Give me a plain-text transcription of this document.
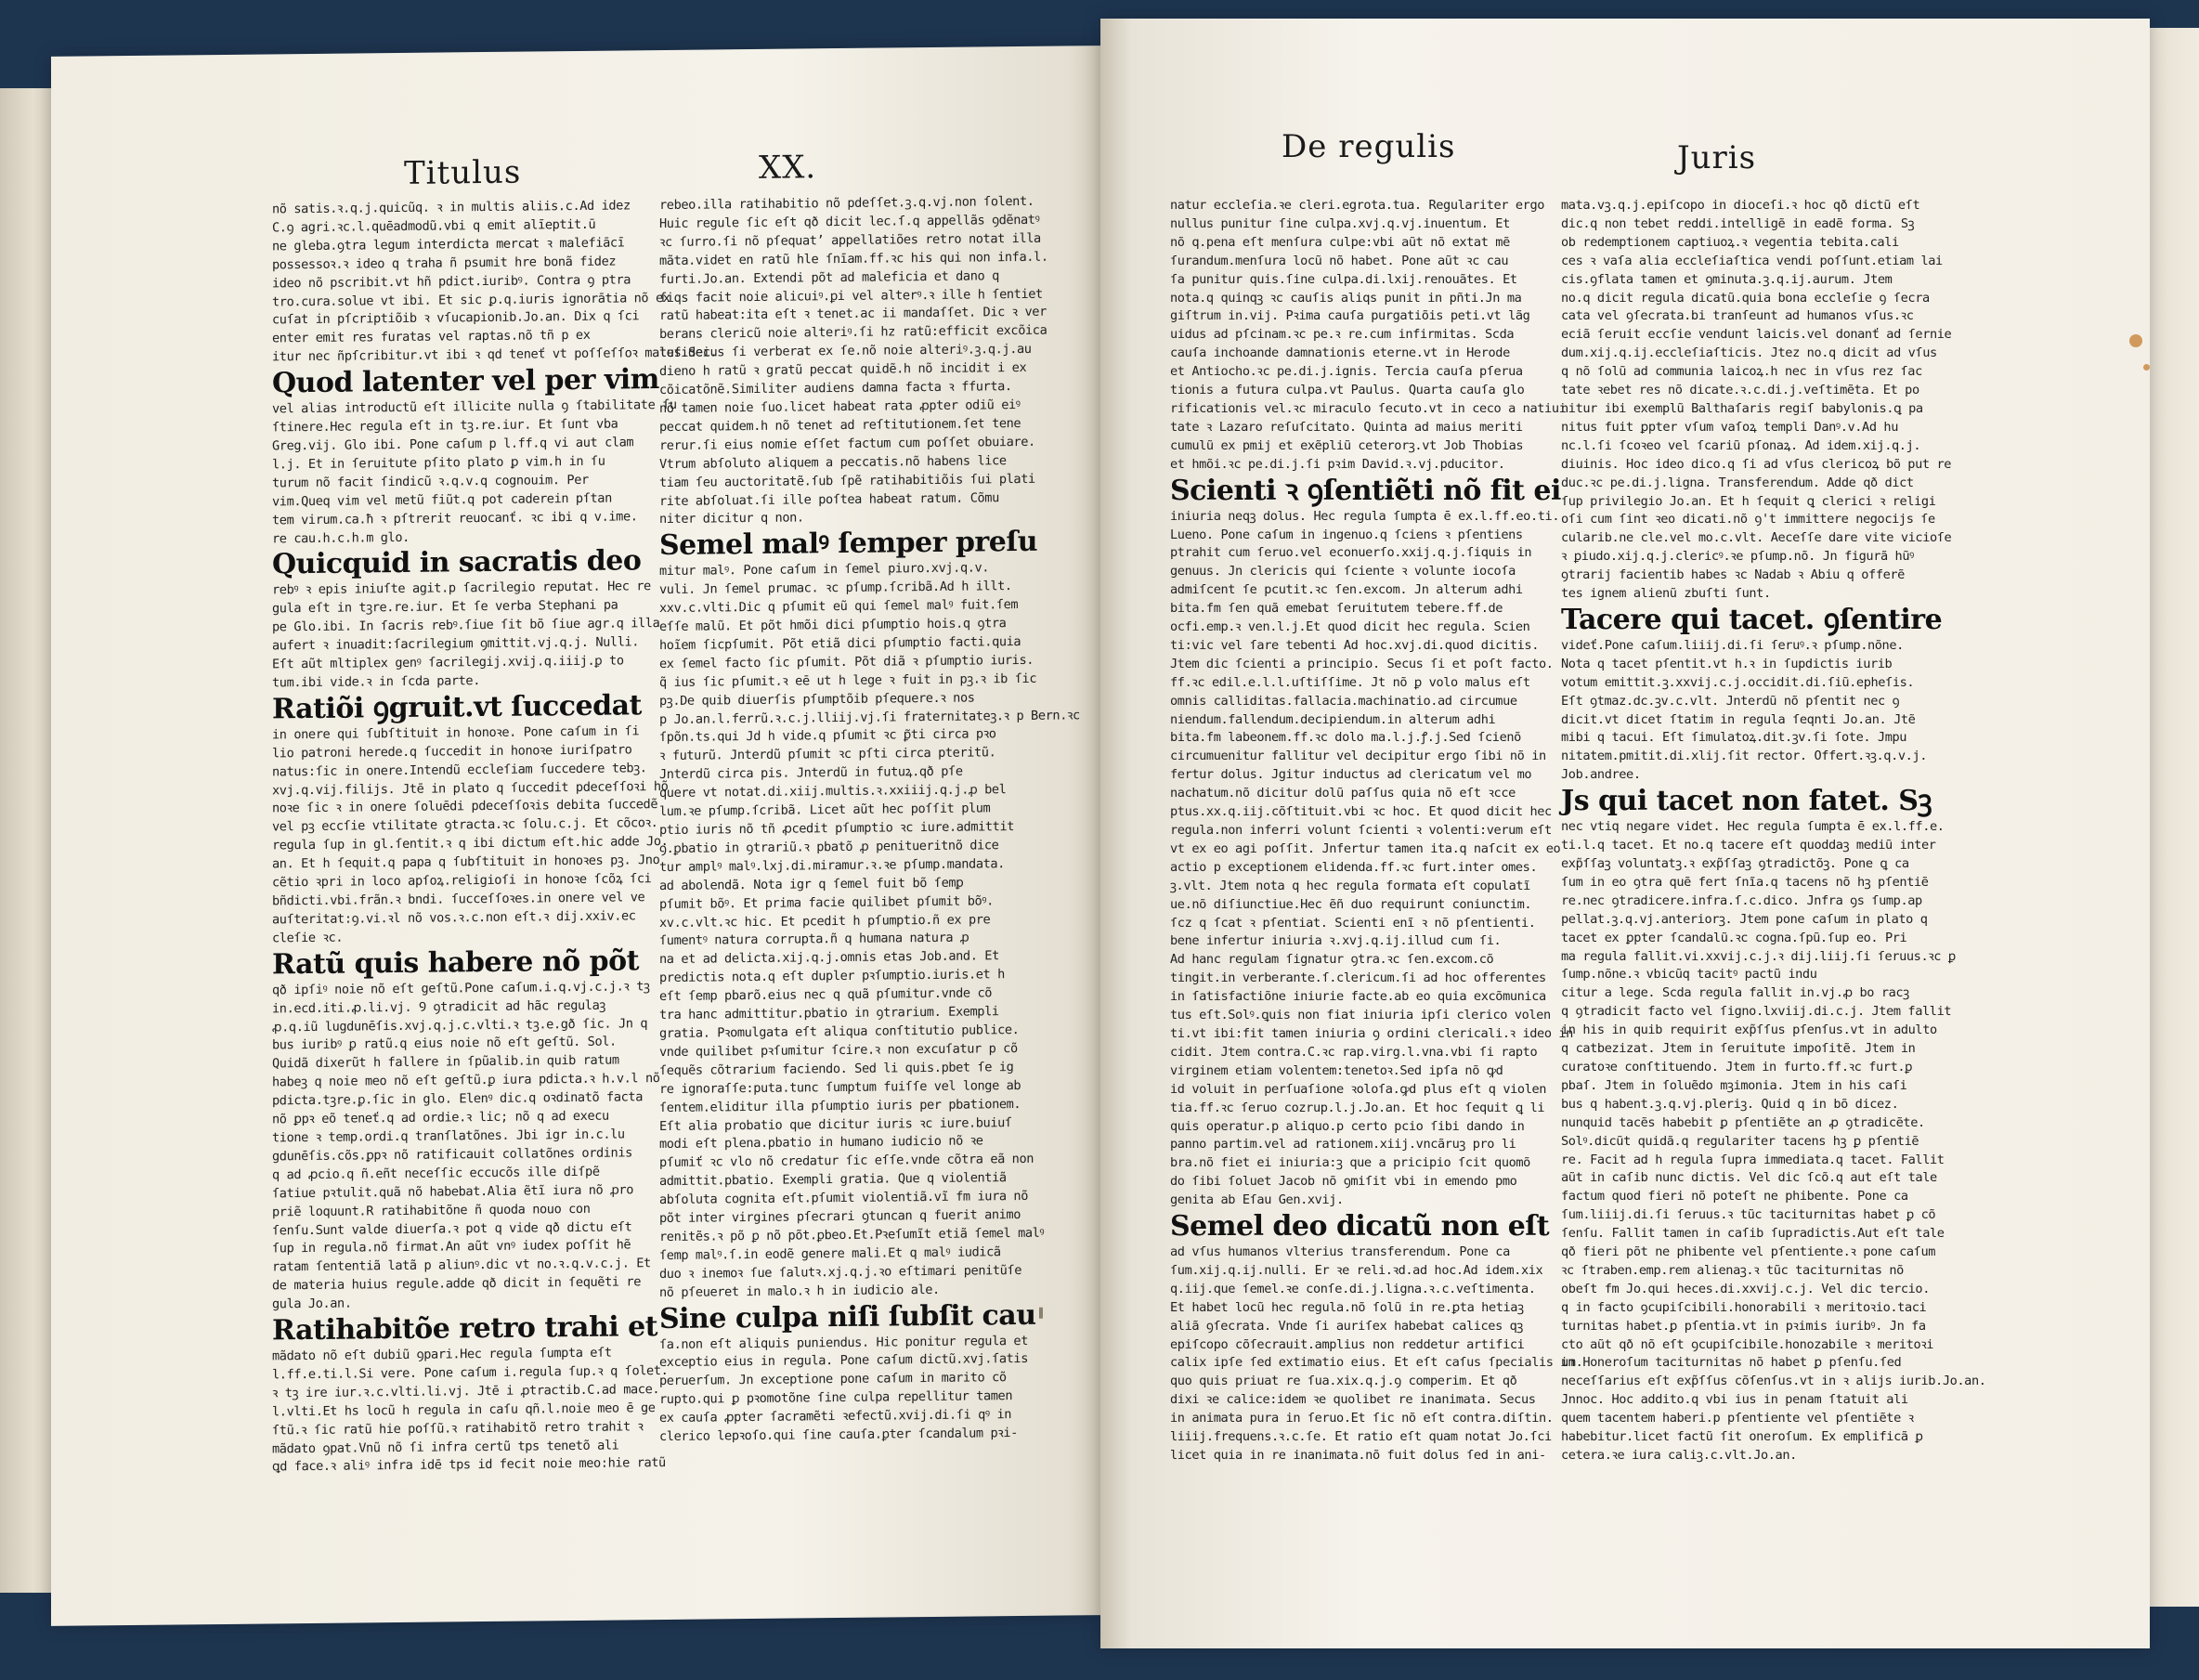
Titulus	XX.
nõ satis.ꝛ.q.j.quicũq. ꝛ in multis aliis.c.Ad idez
C.ꝯ agri.ꝛc.l.quēadmodũ.vbi q emit alīeptit.ū
ne gleba.ꝯtra legum interdicta mercat ꝛ malefiācī
possessoꝛ.ꝛ ideo q traha ñ psumit hre bonã fidez
ideo nõ pscribit.vt hñ pdict.iuribꝰ. Contra ꝯ ptra
tro.cura.solue vt ibi. Et sic ꝑ.q.iuris ignorātia nõ ex
cuſat in pſcriptiõib ꝛ vſucapionib.Jo.an. Dix q ſci
enter emit res furatas vel raptas.nõ tñ p ex
itur nec ñpſcribitur.vt ibi ꝛ qd teneť vt poſſeſſoꝛ malefidei.
Quod latenter vel per vim
vel alias introductũ eſt illicite nulla ꝯ ſtabilitate ſu
ſtinere.Hec regula eſt in tꝫ.re.iur. Et ſunt vba
Greg.vij. Glo ibi. Pone caſum p l.ff.q vi aut clam
l.j. Et in ſeruitute pſito plato ꝑ vim.h in ſu
turum nõ facit ſindicũ ꝛ.q.v.q cognouim. Per
vim.Queq vim vel metũ fiũt.q pot caderein pſtan
tem virum.ca.ħ ꝛ pſtrerit reuocanť. ꝛc ibi q v.ime.
re cau.h.c.h.m glo.
Quicquid in sacratis deo
rebꝰ ꝛ epis iniuſte agit.p ſacrilegio reputat. Hec re
gula eſt in tꝫre.re.iur. Et ſe verba Stephani pa
pe Glo.ibi. In ſacris rebꝰ.ſiue ſit bõ ſiue agr.q illa
aufert ꝛ inuadit:ſacrilegium ꝯmittit.vj.q.j. Nulli.
Eſt aũt mltiplex genꝰ ſacrilegij.xvij.q.iiij.ꝑ to
tum.ibi vide.ꝛ in ſcda parte.
Ratiõi ꝯgruit.vt ſuccedat
in onere qui ſubſtituit in honoꝛe. Pone caſum in ſi
lio patroni herede.q ſuccedit in honoꝛe iuriſpatro
natus:ſic in onere.Intendũ eccleſiam ſuccedere tebꝫ.
xvj.q.vij.filijs. Jtē in plato q ſuccedit pdeceſſoꝛi hõ
noꝛe ſic ꝛ in onere ſoluēdi pdeceſſoꝛis debita ſuccedẽ
vel pꝫ eccſie vtilitate ꝯtracta.ꝛc ſolu.c.j. Et cõcoꝛ.
regula ſup in gl.ſentit.ꝛ q ibi dictum eſt.hic adde Jo.
an. Et h ſequit.q papa q ſubſtituit in honoꝛes pꝫ. Jno
cẽtio ꝛpri in loco apſoꝝ.religioſi in honoꝛe ſcõꝝ ſci
bñdicti.vbi.frãn.ꝛ bndi. ſucceſſoꝛes.in onere vel ve
auſteritat:ꝯ.vi.ꝛl nõ vos.ꝛ.c.non eſt.ꝛ dij.xxiv.ec
cleſie ꝛc.
Ratũ quis habere nõ põt
qð ipſiꝰ noie nõ eſt geſtũ.Pone caſum.i.q.vj.c.j.ꝛ tꝫ
in.ecd.iti.ꝓ.li.vj. Ꝯ ꝯtradicit ad hãc regulaꝫ
ꝓ.q.iũ lugdunēſis.xvj.q.j.c.vlti.ꝛ tꝫ.e.gð ſic. Jn q
bus iuribꝰ ꝑ ratũ.q eius noie nõ eſt geſtũ. Sol.
Quidã dixerũt h fallere in ſpũalib.in quib ratum
habeꝫ q noie meo nõ eſt geſtũ.ꝑ iura pdicta.ꝛ h.v.l nõ
pdicta.tꝫre.ꝑ.ſic in glo. Elenꝰ dic.q oꝛdinatõ facta
nõ ꝑpꝛ eõ teneť.q ad ordie.ꝛ lic; nõ q ad execu
tione ꝛ temp.ordi.q tranſlatõnes. Jbi igr in.c.lu
gdunēſis.cõs.ꝑpꝛ nõ ratificauit collatõnes ordinis
q ad ꝓcio.q ñ.eñt neceſſic eccucõs ille diſpẽ
ſatiue pꝛtulit.quã nõ habebat.Alia ẽtĩ iura nõ ꝓro
priẽ loquunt.R ratihabitõne ñ quoda nouo con
ſenſu.Sunt valde diuerſa.ꝛ pot q vide qð dictu eſt
ſup in regula.nõ firmat.An aũt vnꝰ iudex poſſit hẽ
ratam ſententiã latã p aliunꝰ.dic vt no.ꝛ.q.v.c.j. Et
de materia huius regule.adde qð dicit in ſequẽti re
gula Jo.an.
Ratihabitõe retro trahi et
mãdato nõ eſt dubiũ ꝯpari.Hec regula ſumpta eſt
l.ff.e.ti.l.Si vere. Pone caſum i.regula ſup.ꝛ q ſolet.
ꝛ tꝫ ire iur.ꝛ.c.vlti.li.vj. Jtē i ꝓtractib.C.ad mace.
l.vlti.Et hs locũ h regula in caſu qñ.l.noie meo ē ge
ſtũ.ꝛ ſic ratũ hie poſſũ.ꝛ ratihabitõ retro trahit ꝛ
mãdato ꝯpat.Vnũ nõ ſi infra certũ tps tenetõ ali
ꝗd face.ꝛ aliꝰ infra idē tps id fecit noie meo:hie ratũ
rebeo.illa ratihabitio nõ pdeſſet.ꝫ.q.vj.non ſolent.
Huic regule ſic eſt qð dicit lec.ſ.q appellãs ꝯdẽnatꝰ
ꝛc ſurro.ſi nõ pſequatʼ appellatiões retro notat illa
mãta.videt en ratũ hle ſnīam.ff.ꝛc his qui non infa.l.
furti.Jo.an. Extendi põt ad maleficia et dano q
ſiqs facit noie alicuiꝰ.ꝑi vel alterꝰ.ꝛ ille h ſentiet
ratũ habeat:ita eſt ꝛ tenet.ac ii mandaſſet. Dic ꝛ ver
berans clericũ noie alteriꝰ.ſi hz ratũ:efficit excõica
tus.Secus ſi verberat ex ſe.nõ noie alteriꝰ.ꝫ.q.j.au
dieno h ratũ ꝛ gratũ peccat quidẽ.h nõ incidit i ex
cõicatõnẽ.Similiter audiens damna facta ꝛ ffurta.
nõ tamen noie ſuo.licet habeat rata ꝓpter odiũ eiꝰ
peccat quidem.h nõ tenet ad reſtitutionem.ſet tene
rerur.ſi eius nomie eſſet factum cum poſſet obuiare.
Vtrum abſoluto aliquem a peccatis.nõ habens lice
tiam ſeu auctoritatẽ.ſub ſpẽ ratihabitiõis ſui plati
rite abſoluat.ſi ille poſtea habeat ratum. Cõmu
niter dicitur q non.
Semel malꝰ ſemper preſu
mitur malꝰ. Pone caſum in ſemel piuro.xvj.q.v.
vuli. Jn ſemel prumac. ꝛc pſump.ſcribã.Ad h illt.
xxv.c.vlti.Dic q pſumit eũ qui ſemel malꝰ fuit.ſem
eſſe malũ. Et põt hmõi dici pſumptio hois.q ꝯtra
hoĩem ſicpſumit. Põt etiã dici pſumptio facti.quia
ex ſemel facto ſic pſumit. Põt diã ꝛ pſumptio iuris.
q̃ ius ſic pſumit.ꝛ eē ut h lege ꝛ fuit in pꝫ.ꝛ ib ſic
pꝫ.De quib diuerſis pſumptõib pſequere.ꝛ nos
p Jo.an.l.ferrũ.ꝛ.c.j.lliij.vj.ſi fraternitateꝫ.ꝛ p Bern.ꝛc
ſpõn.ts.qui Jd h vide.q pſumit ꝛc ꝑ̃ti circa pꝛo
ꝛ futurũ. Jnterdũ pſumit ꝛc pſti circa pteritũ.
Jnterdũ circa pis. Jnterdũ in futuꝝ.qð pſe
quere vt notat.di.xiij.multis.ꝛ.xxiiij.q.j.ꝓ bel
lum.ꝛe pſump.ſcribã. Licet aũt hec poſſit plum
ptio iuris nõ tñ ꝓcedit pſumptio ꝛc iure.admittit
ꝯ.ꝑbatio in ꝯtrariũ.ꝛ pbatõ ꝓ penitueritnõ dice
tur amplꝰ malꝰ.lxj.di.miramur.ꝛ.ꝛe pſump.mandata.
ad abolendã. Nota igr q ſemel fuit bõ ſemꝑ
pſumit bõꝰ. Et prima facie quilibet pſumit bõꝰ.
xv.c.vlt.ꝛc hic. Et pcedit h pſumptio.ñ ex pre
ſumentꝰ natura corrupta.ñ q humana natura ꝓ
na et ad delicta.xij.q.j.omnis etas Job.and. Et
predictis nota.q eſt dupler pꝛſumptio.iuris.et h
eſt ſemp pbarõ.eius nec q quã pſumitur.vnde cõ
tra hanc admittitur.pbatio in ꝯtrarium. Exempli
gratia. Pꝛomulgata eſt aliqua conſtitutio publice.
vnde quilibet pꝛſumitur ſcire.ꝛ non excuſatur p cõ
ſequẽs cõtrarium faciendo. Sed li quis.pbet ſe ig
re ignoraſſe:puta.tunc ſumptum fuiſſe vel longe ab
ſentem.eliditur illa pſumptio iuris per pbationem.
Eſt alia probatio que dicitur iuris ꝛc iure.buiuſ
modi eſt plena.pbatio in humano iudicio nõ ꝛe
pſumiť ꝛc vlo nõ credatur ſic eſſe.vnde cõtra eã non
admittit.pbatio. Exempli gratia. Que q violentiã
abſoluta cognita eſt.pſumit violentiã.vĩ fm iura nõ
põt inter virgines pſecrari ꝯtuncan q fuerit animo
renitẽs.ꝛ põ ꝑ nõ põt.ꝑbeo.Et.Pꝛeſumĩt etiã ſemel malꝰ
ſemp malꝰ.ſ.in eodẽ genere mali.Et q malꝰ iudicã
duo ꝛ inemoꝛ ſue ſalutꝛ.xj.q.j.ꝛo eſtimari penitũſe
nõ pſeueret in malo.ꝛ h in iudicio ale.
Sine culpa niſi ſubſit cau
ſa.non eſt aliquis puniendus. Hic ponitur regula et
exceptio eius in regula. Pone caſum dictũ.xvj.ſatis
peruerſum. Jn exceptione pone caſum in marito cõ
rupto.qui ꝑ pꝛomotõne ſine culpa repellitur tamen
ex cauſa ꝓpter ſacramẽti ꝛefectũ.xvij.di.ſi qꝰ in
clerico lepꝛoſo.qui ſine cauſa.ꝑter ſcandalum pꝛi-
De regulis	Juris
natur eccleſia.ꝛe cleri.egrota.tua. Regulariter ergo
nullus punitur ſine culpa.xvj.q.vj.inuentum. Et
nõ q.pena eſt menſura culpe:vbi aũt nõ extat mẽ
ſurandum.menſura locũ nõ habet. Pone aũt ꝛc cau
ſa punitur quis.ſine culpa.di.lxij.renouãtes. Et
nota.q quinqꝫ ꝛc cauſis aliqs punit in pñti.Jn ma
giſtrum in.vij. Pꝛima cauſa purgatiõis peti.vt lãg
uidus ad pſcinam.ꝛc pe.ꝛ re.cum infirmitas. Scda
cauſa inchoande damnationis eterne.vt in Herode
et Antiocho.ꝛc pe.di.j.ignis. Tercia cauſa pſerua
tionis a futura culpa.vt Paulus. Quarta cauſa glo
rificationis vel.ꝛc miraculo ſecuto.vt in ceco a natiui
tate ꝛ Lazaro reſuſcitato. Quinta ad maius meriti
cumulũ ex pmij et exẽpliũ ceterorꝫ.vt Job Thobias
et hmõi.ꝛc pe.di.j.ſi pꝛim David.ꝛ.vj.pducitor.
Scienti ꝛ ꝯſentiẽti nõ fit ei
iniuria neqꝫ dolus. Hec regula ſumpta ē ex.l.ff.eo.ti.
Lueno. Pone caſum in ingenuo.q ſciens ꝛ pſentiens
ptrahit cum ſeruo.vel econuerſo.xxij.q.j.ſiquis in
genuus. Jn clericis qui ſciente ꝛ volunte iocoſa
admiſcent ſe pcutit.ꝛc ſen.excom. Jn alterum adhi
bita.fm ſen quã emebat ſeruitutem tebere.ff.de
ocfi.emp.ꝛ ven.l.j.Et quod dicit hec regula. Scien
ti:vic vel ſare tebenti Ad hoc.xvj.di.quod dicitis.
Jtem dic ſcienti a principio. Secus ſi et poſt facto.
ff.ꝛc edil.e.l.l.uſtiſſime. Jt nõ ꝑ volo malus eſt
omnis calliditas.fallacia.machinatio.ad circumue
niendum.fallendum.decipiendum.in alterum adhi
bita.fm labeonem.ff.ꝛc dolo ma.l.j.ꝭ.j.Sed ſcienõ
circumuenitur fallitur vel decipitur ergo ſibi nõ in
fertur dolus. Jgitur inductus ad clericatum vel mo
nachatum.nõ dicitur dolũ paſſus quia nõ eſt ꝛcce
ptus.xx.q.iij.cõſtituit.vbi ꝛc hoc. Et quod dicit hec
regula.non inferri volunt ſcienti ꝛ volenti:verum eſt
vt ex eo agi poſſit. Jnfertur tamen ita.q naſcit ex eo
actio p exceptionem elidenda.ff.ꝛc furt.inter omes.
ꝫ.vlt. Jtem nota q hec regula formata eſt copulatĩ
ue.nõ diſiunctiue.Hec ẽñ duo requirunt coniunctim.
ſcz q ſcat ꝛ pſentiat. Scienti enĩ ꝛ nõ pſentienti.
bene infertur iniuria ꝛ.xvj.q.ij.illud cum ſi.
Ad hanc regulam ſignatur ꝯtra.ꝛc ſen.excom.cõ
tingit.in verberante.ſ.clericum.ſi ad hoc offerentes
in ſatisfactiõne iniurie facte.ab eo quia excõmunica
tus eſt.Solꝰ.ꝗuis non fiat iniuria ipſi clerico volen
ti.vt ibi:fit tamen iniuria ꝯ ordini clericali.ꝛ ideo in
cidit. Jtem contra.C.ꝛc rap.virg.l.vna.vbi ſi rapto
virginem etiam volentem:tenetoꝛ.Sed ipſa nõ ꝙd
id voluit in perſuaſione ꝛoloſa.ꝙd plus eſt q violen
tia.ff.ꝛc ſeruo cozrup.l.j.Jo.an. Et hoc ſequit ꝗ li
quis operatur.p aliquo.p certo pcio ſibi dando in
panno partim.vel ad rationem.xiij.vncãruꝫ pro li
bra.nõ fiet ei iniuria:ꝫ que a pricipio ſcit quomõ
do ſibi ſoluet Jacob nõ ꝯmiſit vbi in emendo pmo
genita ab Eſau Gen.xvij.
Semel deo dicatũ non eſt
ad vſus humanos vlterius transferendum. Pone ca
ſum.xij.q.ij.nulli. Er ꝛe reli.ꝛd.ad hoc.Ad idem.xix
q.iij.que ſemel.ꝛe conſe.di.j.ligna.ꝛ.c.veſtimenta.
Et habet locũ hec regula.nõ ſolũ in re.ꝑta hetiaꝫ
aliã ꝯſecrata. Vnde ſi auriſex habebat calices qꝫ
epiſcopo cõſecrauit.amplius non reddetur artifici
calix ipſe ſed extimatio eius. Et eſt caſus ſpecialis in
quo quis priuat re ſua.xix.q.j.ꝯ comperim. Et qð
dixi ꝛe calice:idem ꝛe quolibet re inanimata. Secus
in animata pura in ſeruo.Et ſic nõ eſt contra.diſtin.
liiij.frequens.ꝛ.c.ſe. Et ratio eſt quam notat Jo.ſci
licet quia in re inanimata.nõ fuit dolus ſed in ani-
mata.vꝫ.q.j.epiſcopo in dioceſi.ꝛ hoc qð dictũ eſt
dic.q non tebet reddi.intelligẽ in eadẽ forma. Sꝫ
ob redemptionem captiuoꝝ.ꝛ vegentia tebita.cali
ces ꝛ vaſa alia eccleſiaſtica vendi poſſunt.etiam lai
cis.ꝯflata tamen et ꝯminuta.ꝫ.q.ij.aurum. Jtem
no.q dicit regula dicatũ.quia bona eccleſie ꝯ ſecra
cata vel ꝯſecrata.bi tranſeunt ad humanos vſus.ꝛc
eciã ſeruit eccſie vendunt laicis.vel donanť ad ſernie
dum.xij.q.ij.eccleſiaſticis. Jtez no.q dicit ad vſus
q nõ ſolũ ad communia laicoꝝ.h nec in vſus rez ſac
tate ꝛebet res nõ dicate.ꝛ.c.di.j.veſtimẽta. Et po
nitur ibi exemplũ Balthaſaris regiſ babylonis.ꝗ pa
nitus fuit ꝑpter vſum vaſoꝝ templi Danꝰ.v.Ad hu
nc.l.ſi ſcoꝛeo vel ſcariũ pſonaꝝ. Ad idem.xij.q.j.
diuinis. Hoc ideo dico.q ſi ad vſus clericoꝝ bõ put re
duc.ꝛc pe.di.j.ligna. Transferendum. Adde qð dict
ſup privilegio Jo.an. Et h ſequit ꝗ clerici ꝛ religi
oſi cum ſint ꝛeo dicati.nõ ꝯ't immittere negocijs ſe
cularib.ne cle.vel mo.c.vlt. Aeceſſe dare vite vicioſe
ꝛ ꝑiudo.xij.q.j.clericꝰ.ꝛe pſump.nõ. Jn figurã hũꝰ
ꝯtrarij facientib habes ꝛc Nadab ꝛ Abiu q offerẽ
tes ignem alienũ zbuſti ſunt.
Tacere qui tacet. ꝯſentire
videť.Pone caſum.liiij.di.ſi ſeruꝰ.ꝛ pſump.nõne.
Nota q tacet pſentit.vt h.ꝛ in ſupdictis iurib
votum emittit.ꝫ.xxvij.c.j.occidit.di.ſiũ.epheſis.
Eſt ꝯtmaz.dc.ꝫv.c.vlt. Jnterdũ nõ pſentit nec ꝯ
dicit.vt dicet ſtatim in regula ſeqnti Jo.an. Jtẽ
mibi q tacui. Eſt ſimulatoꝝ.dit.ꝫv.ſi ſote. Jmpu
nitatem.pmitit.di.xlij.ſit rector. Offert.ꝛꝫ.q.v.j.
Job.andree.
Js qui tacet non fatet. Sꝫ
nec vtiq negare videt. Hec regula ſumpta ē ex.l.ff.e.
ti.l.q tacet. Et no.q tacere eſt quoddaꝫ mediũ inter
exp̃ſſaꝫ voluntatꝫ.ꝛ exp̃ſſaꝫ ꝯtradictõꝫ. Pone ꝗ ca
ſum in eo ꝯtra quẽ fert ſnĩa.q tacens nõ hꝫ pſentiẽ
re.nec ꝯtradicere.infra.ſ.c.dico. Jnfra ꝯs ſump.ap
pellat.ꝫ.q.vj.anteriorꝫ. Jtem pone caſum in plato q
tacet ex ꝑpter ſcandalũ.ꝛc cogna.ſpũ.ſup eo. Pri
ma regula fallit.vi.xxvij.c.j.ꝛ dij.liij.ſi ſeruus.ꝛc ꝑ
ſump.nõne.ꝛ vbicũq tacitꝰ pactũ indu
citur a lege. Scda regula fallit in.vj.ꝓ bo racꝫ
q ꝯtradicit facto vel ſigno.lxviij.di.c.j. Jtem fallit
in his in quib requirit exp̃ſſus pſenſus.vt in adulto
q catbezizat. Jtem in ſeruitute impoſitẽ. Jtem in
curatoꝛe conſtituendo. Jtem in furto.ff.ꝛc furt.ꝑ
pbaſ. Jtem in ſoluẽdo mꝫimonia. Jtem in his caſi
bus q habent.ꝫ.q.vj.pleriꝫ. Quid q in bõ dicez.
nunquid tacẽs habebit ꝑ pſentiẽte an ꝓ ꝯtradicẽte.
Solꝰ.dicũt quidã.q regulariter tacens hꝫ ꝑ pſentiẽ
re. Facit ad h regula ſupra immediata.q tacet. Fallit
aũt in caſib nunc dictis. Vel dic ſcõ.q aut eſt tale
factum quod fieri nõ poteſt ne phibente. Pone ca
ſum.liiij.di.ſi ſeruus.ꝛ tũc taciturnitas habet ꝑ cõ
ſenſu. Fallit tamen in caſib ſupradictis.Aut eſt tale
qð fieri põt ne phibente vel pſentiente.ꝛ pone caſum
ꝛc ſtraben.emp.rem alienaꝫ.ꝛ tũc taciturnitas nõ
obeſt fm Jo.qui heces.di.xxvij.c.j. Vel dic tercio.
q in facto ꝯcupiſcibili.honorabili ꝛ meritoꝛio.taci
turnitas habet.ꝑ pſentia.vt in pꝛimis iuribꝰ. Jn fa
cto aũt qð nõ eſt ꝯcupiſcibile.honozabile ꝛ meritoꝛi
um.Honeroſum taciturnitas nõ habet ꝑ pſenſu.ſed
neceſſarius eſt exp̃ſſus cõſenſus.vt in ꝛ alijs iurib.Jo.an.
Jnnoc. Hoc addito.q vbi ius in penam ſtatuit ali
quem tacentem haberi.p pſentiente vel pſentiẽte ꝛ
habebitur.licet factũ ſit oneroſum. Ex emplificã ꝑ
cetera.ꝛe iura caliꝫ.c.vlt.Jo.an.
